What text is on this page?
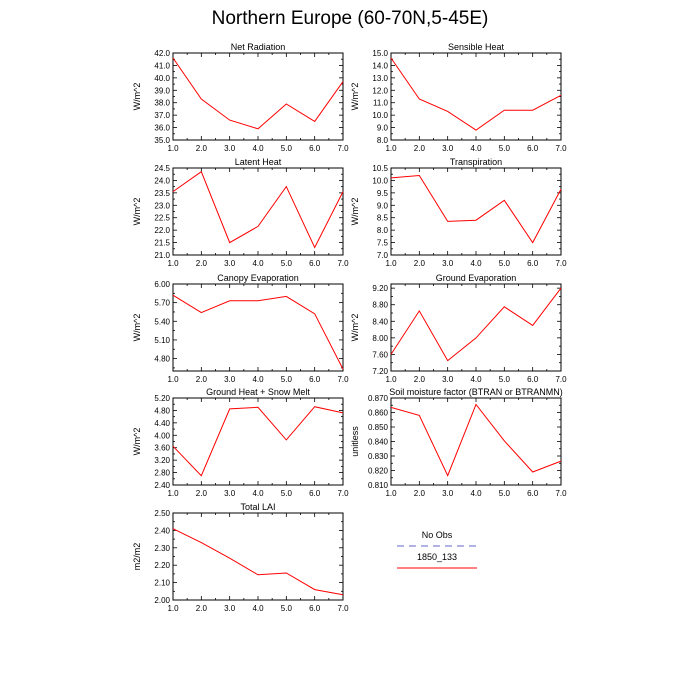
Northern Europe (60-70N,5-45E)
Net Radiation
W/m^2
1.0 2.0 3.0 4.0 5.0 6.0 7.0
35.0
36.0
37.0
38.0
39.0
40.0
41.0
42.0
Sensible Heat
W/m^2
1.0 2.0 3.0 4.0 5.0 6.0 7.0
8.0
9.0
10.0
11.0
12.0
13.0
14.0
15.0
Latent Heat
W/m^2
1.0 2.0 3.0 4.0 5.0 6.0 7.0
21.0
21.5
22.0
22.5
23.0
23.5
24.0
24.5
Transpiration
W/m^2
1.0 2.0 3.0 4.0 5.0 6.0 7.0
7.0
7.5
8.0
8.5
9.0
9.5
10.0
10.5
Canopy Evaporation
W/m^2
1.0 2.0 3.0 4.0 5.0 6.0 7.0
4.80
5.10
5.40
5.70
6.00
Ground Evaporation
W/m^2
1.0 2.0 3.0 4.0 5.0 6.0 7.0
7.20
7.60
8.00
8.40
8.80
9.20
Ground Heat + Snow Melt
W/m^2
1.0 2.0 3.0 4.0 5.0 6.0 7.0
2.40
2.80
3.20
3.60
4.00
4.40
4.80
5.20
Soil moisture factor (BTRAN or BTRANMN)
unitless
1.0 2.0 3.0 4.0 5.0 6.0 7.0
0.810
0.820
0.830
0.840
0.850
0.860
0.870
Total LAI
m2/m2
1.0 2.0 3.0 4.0 5.0 6.0 7.0
2.00
2.10
2.20
2.30
2.40
2.50
No Obs
1850_133
